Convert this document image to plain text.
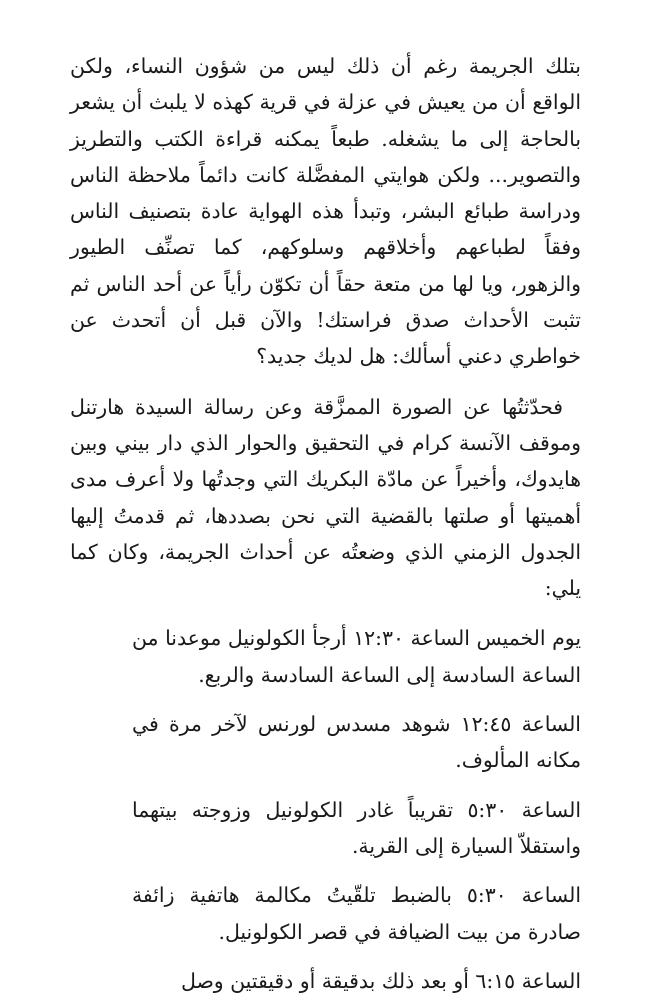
بتلك الجريمة رغم أن ذلك ليس من شؤون النساء، ولكن الواقع أن من يعيش في عزلة في قرية كهذه لا يلبث أن يشعر بالحاجة إلى ما يشغله. طبعاً يمكنه قراءة الكتب والتطريز والتصوير... ولكن هوايتي المفضَّلة كانت دائماً ملاحظة الناس ودراسة طبائع البشر، وتبدأ هذه الهواية عادة بتصنيف الناس وفقاً لطباعهم وأخلاقهم وسلوكهم، كما تصنِّف الطيور والزهور، ويا لها من متعة حقاً أن تكوّن رأياً عن أحد الناس ثم تثبت الأحداث صدق فراستك! والآن قبل أن أتحدث عن خواطري دعني أسألك: هل لديك جديد؟

فحدّثتُها عن الصورة الممزَّقة وعن رسالة السيدة هارتنل وموقف الآنسة كرام في التحقيق والحوار الذي دار بيني وبين هايدوك، وأخيراً عن مادّة البكريك التي وجدتُها ولا أعرف مدى أهميتها أو صلتها بالقضية التي نحن بصددها، ثم قدمتُ إليها الجدول الزمني الذي وضعتُه عن أحداث الجريمة، وكان كما يلي:

يوم الخميس الساعة ١٢:٣٠ أرجأ الكولونيل موعدنا من الساعة السادسة إلى الساعة السادسة والربع.
الساعة ١٢:٤٥ شوهد مسدس لورنس لآخر مرة في مكانه المألوف.
الساعة ٥:٣٠ تقريباً غادر الكولونيل وزوجته بيتهما واستقلاّ السيارة إلى القرية.
الساعة ٥:٣٠ بالضبط تلقّيتُ مكالمة هاتفية زائفة صادرة من بيت الضيافة في قصر الكولونيل.
الساعة ٦:١٥ أو بعد ذلك بدقيقة أو دقيقتين وصل
